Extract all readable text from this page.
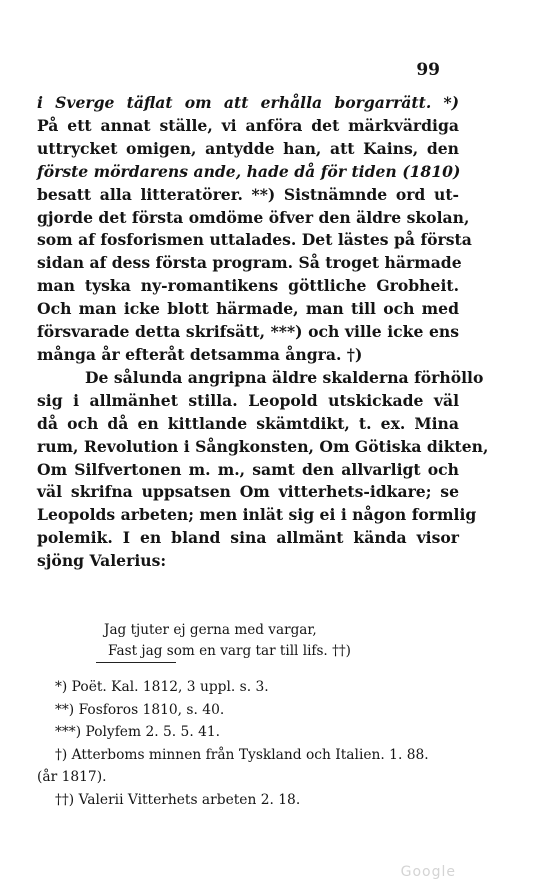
99
i Sverge täflat om att erhålla borgarrätt. *)
På ett annat ställe, vi anföra det märkvärdiga
uttrycket omigen, antydde han, att Kains, den
förste mördarens ande, hade då för tiden (1810)
besatt alla litteratörer. **) Sistnämnde ord ut-
gjorde det första omdöme öfver den äldre skolan,
som af fosforismen uttalades. Det lästes på första
sidan af dess första program. Så troget härmade
man tyska ny-romantikens göttliche Grobheit.
Och man icke blott härmade, man till och med
försvarade detta skrifsätt, ***) och ville icke ens
många år efteråt detsamma ångra. †)
De sålunda angripna äldre skalderna förhöllo
sig i allmänhet stilla. Leopold utskickade väl
då och då en kittlande skämtdikt, t. ex. Mina
rum, Revolution i Sångkonsten, Om Götiska dikten,
Om Silfvertonen m. m., samt den allvarligt och
väl skrifna uppsatsen Om vitterhets-idkare; se
Leopolds arbeten; men inlät sig ei i någon formlig
polemik. I en bland sina allmänt kända visor
sjöng Valerius:
Jag tjuter ej gerna med vargar,
Fast jag som en varg tar till lifs. ††)
*) Poët. Kal. 1812, 3 uppl. s. 3.
**) Fosforos 1810, s. 40.
***) Polyfem 2. 5. 5. 41.
†) Atterboms minnen från Tyskland och Italien. 1. 88.
(år 1817).
††) Valerii Vitterhets arbeten 2. 18.
Google
